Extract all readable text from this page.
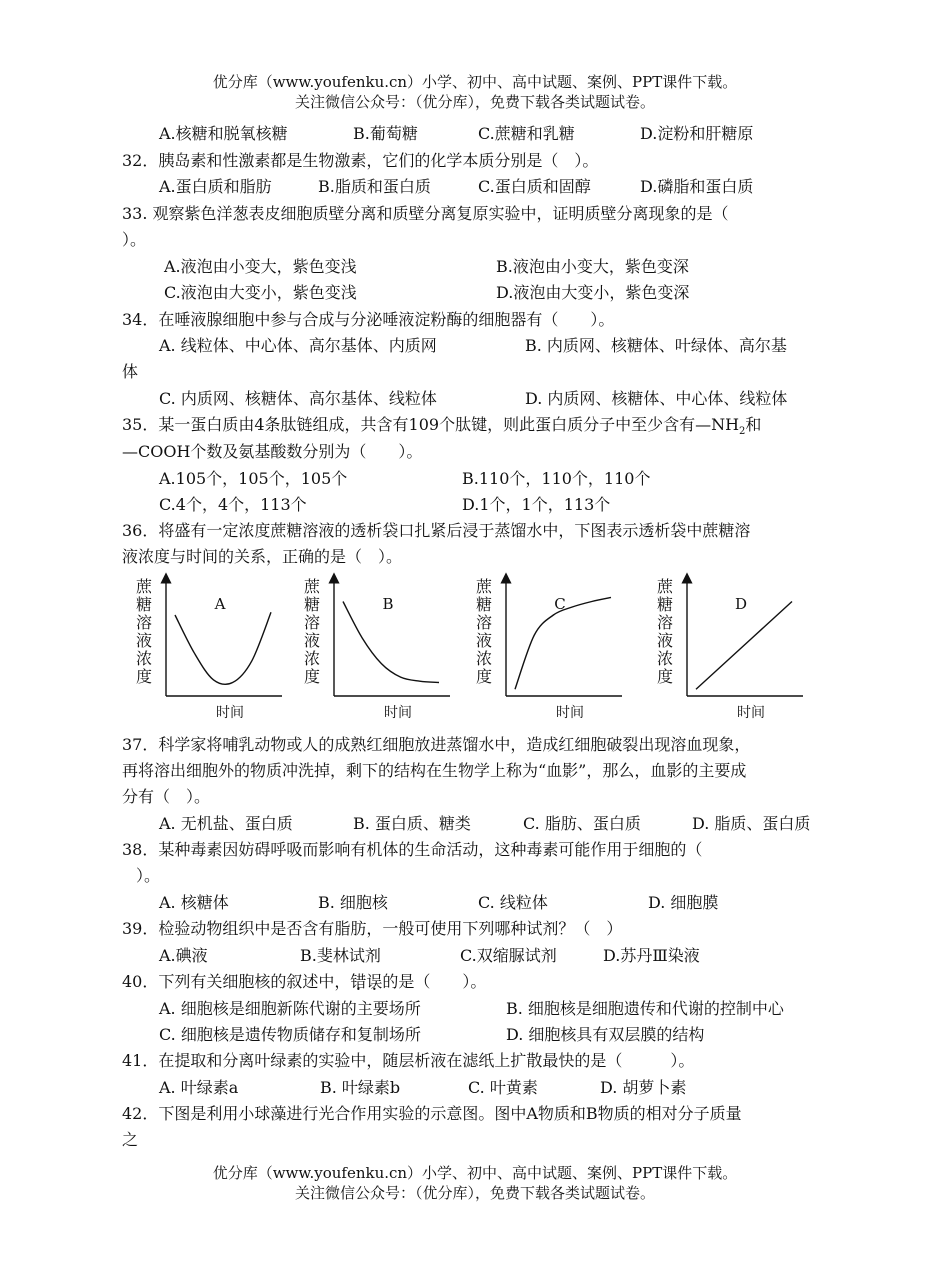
优分库（www.youfenku.cn）小学、初中、高中试题、案例、PPT课件下载。
关注微信公众号：（优分库），免费下载各类试题试卷。
A.核糖和脱氧核糖	B.葡萄糖	C.蔗糖和乳糖	D.淀粉和肝糖原
32．胰岛素和性激素都是生物激素，它们的化学本质分别是（　）。
A.蛋白质和脂肪	B.脂质和蛋白质	C.蛋白质和固醇	D.磷脂和蛋白质
33. 观察紫色洋葱表皮细胞质壁分离和质壁分离复原实验中，证明质壁分离现象的是（
）。
A.液泡由小变大，紫色变浅	B.液泡由小变大，紫色变深
C.液泡由大变小，紫色变浅	D.液泡由大变小，紫色变深
34．在唾液腺细胞中参与合成与分泌唾液淀粉酶的细胞器有（　　）。
A. 线粒体、中心体、高尔基体、内质网	B. 内质网、核糖体、叶绿体、高尔基
体
C. 内质网、核糖体、高尔基体、线粒体	D. 内质网、核糖体、中心体、线粒体
35．某一蛋白质由4条肽链组成，共含有109个肽键，则此蛋白质分子中至少含有$—NH_2$和
—COOH个数及氨基酸数分别为（　　）。
A.105个，105个，105个	B.110个，110个，110个
C.4个，4个，113个	D.1个，1个，113个
36．将盛有一定浓度蔗糖溶液的透析袋口扎紧后浸于蒸馏水中，下图表示透析袋中蔗糖溶
液浓度与时间的关系，正确的是（　）。
蔗
糖
溶
液
浓
度
时间
A
蔗
糖
溶
液
浓
度
时间
B
蔗
糖
溶
液
浓
度
时间
C
蔗
糖
溶
液
浓
度
时间
D
37．科学家将哺乳动物或人的成熟红细胞放进蒸馏水中，造成红细胞破裂出现溶血现象，
再将溶出细胞外的物质冲洗掉，剩下的结构在生物学上称为“血影”，那么，血影的主要成
分有（　）。
A. 无机盐、蛋白质	B. 蛋白质、糖类	C. 脂肪、蛋白质	D. 脂质、蛋白质
38．某种毒素因妨碍呼吸而影响有机体的生命活动，这种毒素可能作用于细胞的（
）。
A. 核糖体	B. 细胞核	C. 线粒体	D. 细胞膜
39．检验动物组织中是否含有脂肪，一般可使用下列哪种试剂？（　）
A.碘液	B.斐林试剂	C.双缩脲试剂	D.苏丹Ⅲ染液
40．下列有关细胞核的叙述中，错误的是（　　）。
A. 细胞核是细胞新陈代谢的主要场所	B. 细胞核是细胞遗传和代谢的控制中心
C. 细胞核是遗传物质储存和复制场所	D. 细胞核具有双层膜的结构
41．在提取和分离叶绿素的实验中，随层析液在滤纸上扩散最快的是（　　　）。
A. 叶绿素a	B. 叶绿素b	C. 叶黄素	D. 胡萝卜素
42．下图是利用小球藻进行光合作用实验的示意图。图中A物质和B物质的相对分子质量
之
优分库（www.youfenku.cn）小学、初中、高中试题、案例、PPT课件下载。
关注微信公众号：（优分库），免费下载各类试题试卷。
